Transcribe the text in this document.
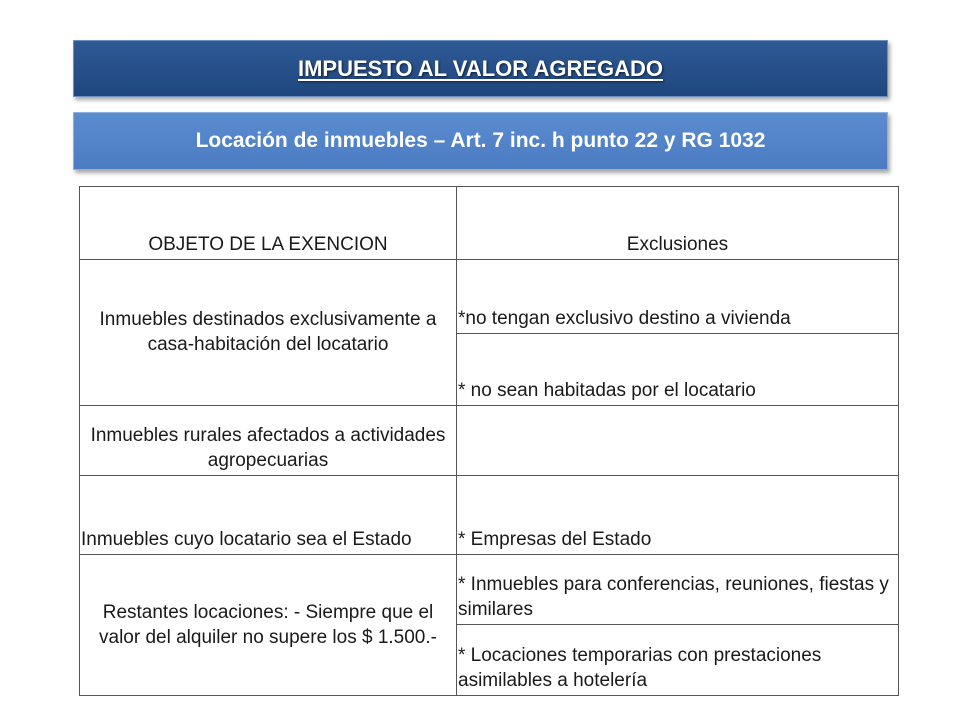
IMPUESTO AL VALOR AGREGADO
Locación de inmuebles – Art. 7 inc. h punto 22 y RG 1032
OBJETO DE LA EXENCION	Exclusiones
Inmuebles destinados exclusivamente a casa-habitación del locatario	*no tengan exclusivo destino a vivienda
	* no sean habitadas por el locatario
Inmuebles rurales afectados a actividades agropecuarias	
Inmuebles cuyo locatario sea el Estado	* Empresas del Estado
Restantes locaciones: - Siempre que el valor del alquiler no supere los $ 1.500.-	* Inmuebles para conferencias, reuniones, fiestas y similares
	* Locaciones temporarias con prestaciones asimilables a hotelería
